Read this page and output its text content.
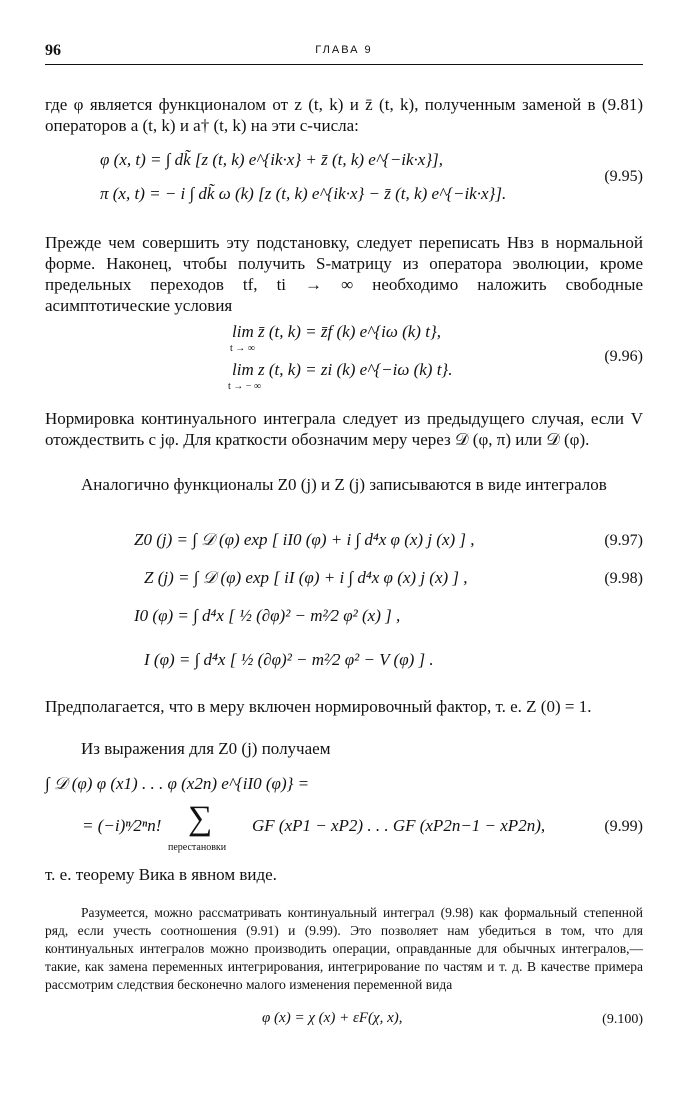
96	ГЛАВА 9

где φ является функционалом от z (t, k) и z̄ (t, k), полученным заменой в (9.81) операторов a (t, k) и a† (t, k) на эти c-числа:

φ (x, t) = ∫ dk̃ [z (t, k) e^{ik·x} + z̄ (t, k) e^{−ik·x}],
π (x, t) = − i ∫ dk̃ ω (k) [z (t, k) e^{ik·x} − z̄ (t, k) e^{−ik·x}].
(9.95)

Прежде чем совершить эту подстановку, следует переписать Hвз в нормальной форме. Наконец, чтобы получить S-матрицу из оператора эволюции, кроме предельных переходов tf, ti → ∞ необходимо наложить свободные асимптотические условия

lim z̄ (t, k) = z̄f (k) e^{iω (k) t},
t → ∞
lim z (t, k) = zi (k) e^{−iω (k) t}.
t → − ∞
(9.96)

Нормировка континуального интеграла следует из предыдущего случая, если V отождествить с jφ. Для краткости обозначим меру через 𝒟 (φ, π) или 𝒟 (φ).

Аналогично функционалы Z0 (j) и Z (j) записываются в виде интегралов

Z0 (j) = ∫ 𝒟 (φ) exp [ iI0 (φ) + i ∫ d⁴x φ (x) j (x) ] ,	(9.97)
Z (j) = ∫ 𝒟 (φ) exp [ iI (φ) + i ∫ d⁴x φ (x) j (x) ] ,	(9.98)
I0 (φ) = ∫ d⁴x [ ½ (∂φ)² − m²⁄2 φ² (x) ] ,
I (φ) = ∫ d⁴x [ ½ (∂φ)² − m²⁄2 φ² − V (φ) ] .

Предполагается, что в меру включен нормировочный фактор, т. е. Z (0) = 1.

Из выражения для Z0 (j) получаем

∫ 𝒟 (φ) φ (x1) . . . φ (x2n) e^{iI0 (φ)} =
= (−i)ⁿ⁄2ⁿn! ∑
перестановки
GF (xP1 − xP2) . . . GF (xP2n−1 − xP2n),	(9.99)

т. е. теорему Вика в явном виде.

Разумеется, можно рассматривать континуальный интеграл (9.98) как формальный степенной ряд, если учесть соотношения (9.91) и (9.99). Это позволяет нам убедиться в том, что для континуальных интегралов можно производить операции, оправданные для обычных интегралов,— такие, как замена переменных интегрирования, интегрирование по частям и т. д. В качестве примера рассмотрим следствия бесконечно малого изменения переменной вида

φ (x) = χ (x) + εF(χ, x),	(9.100)
